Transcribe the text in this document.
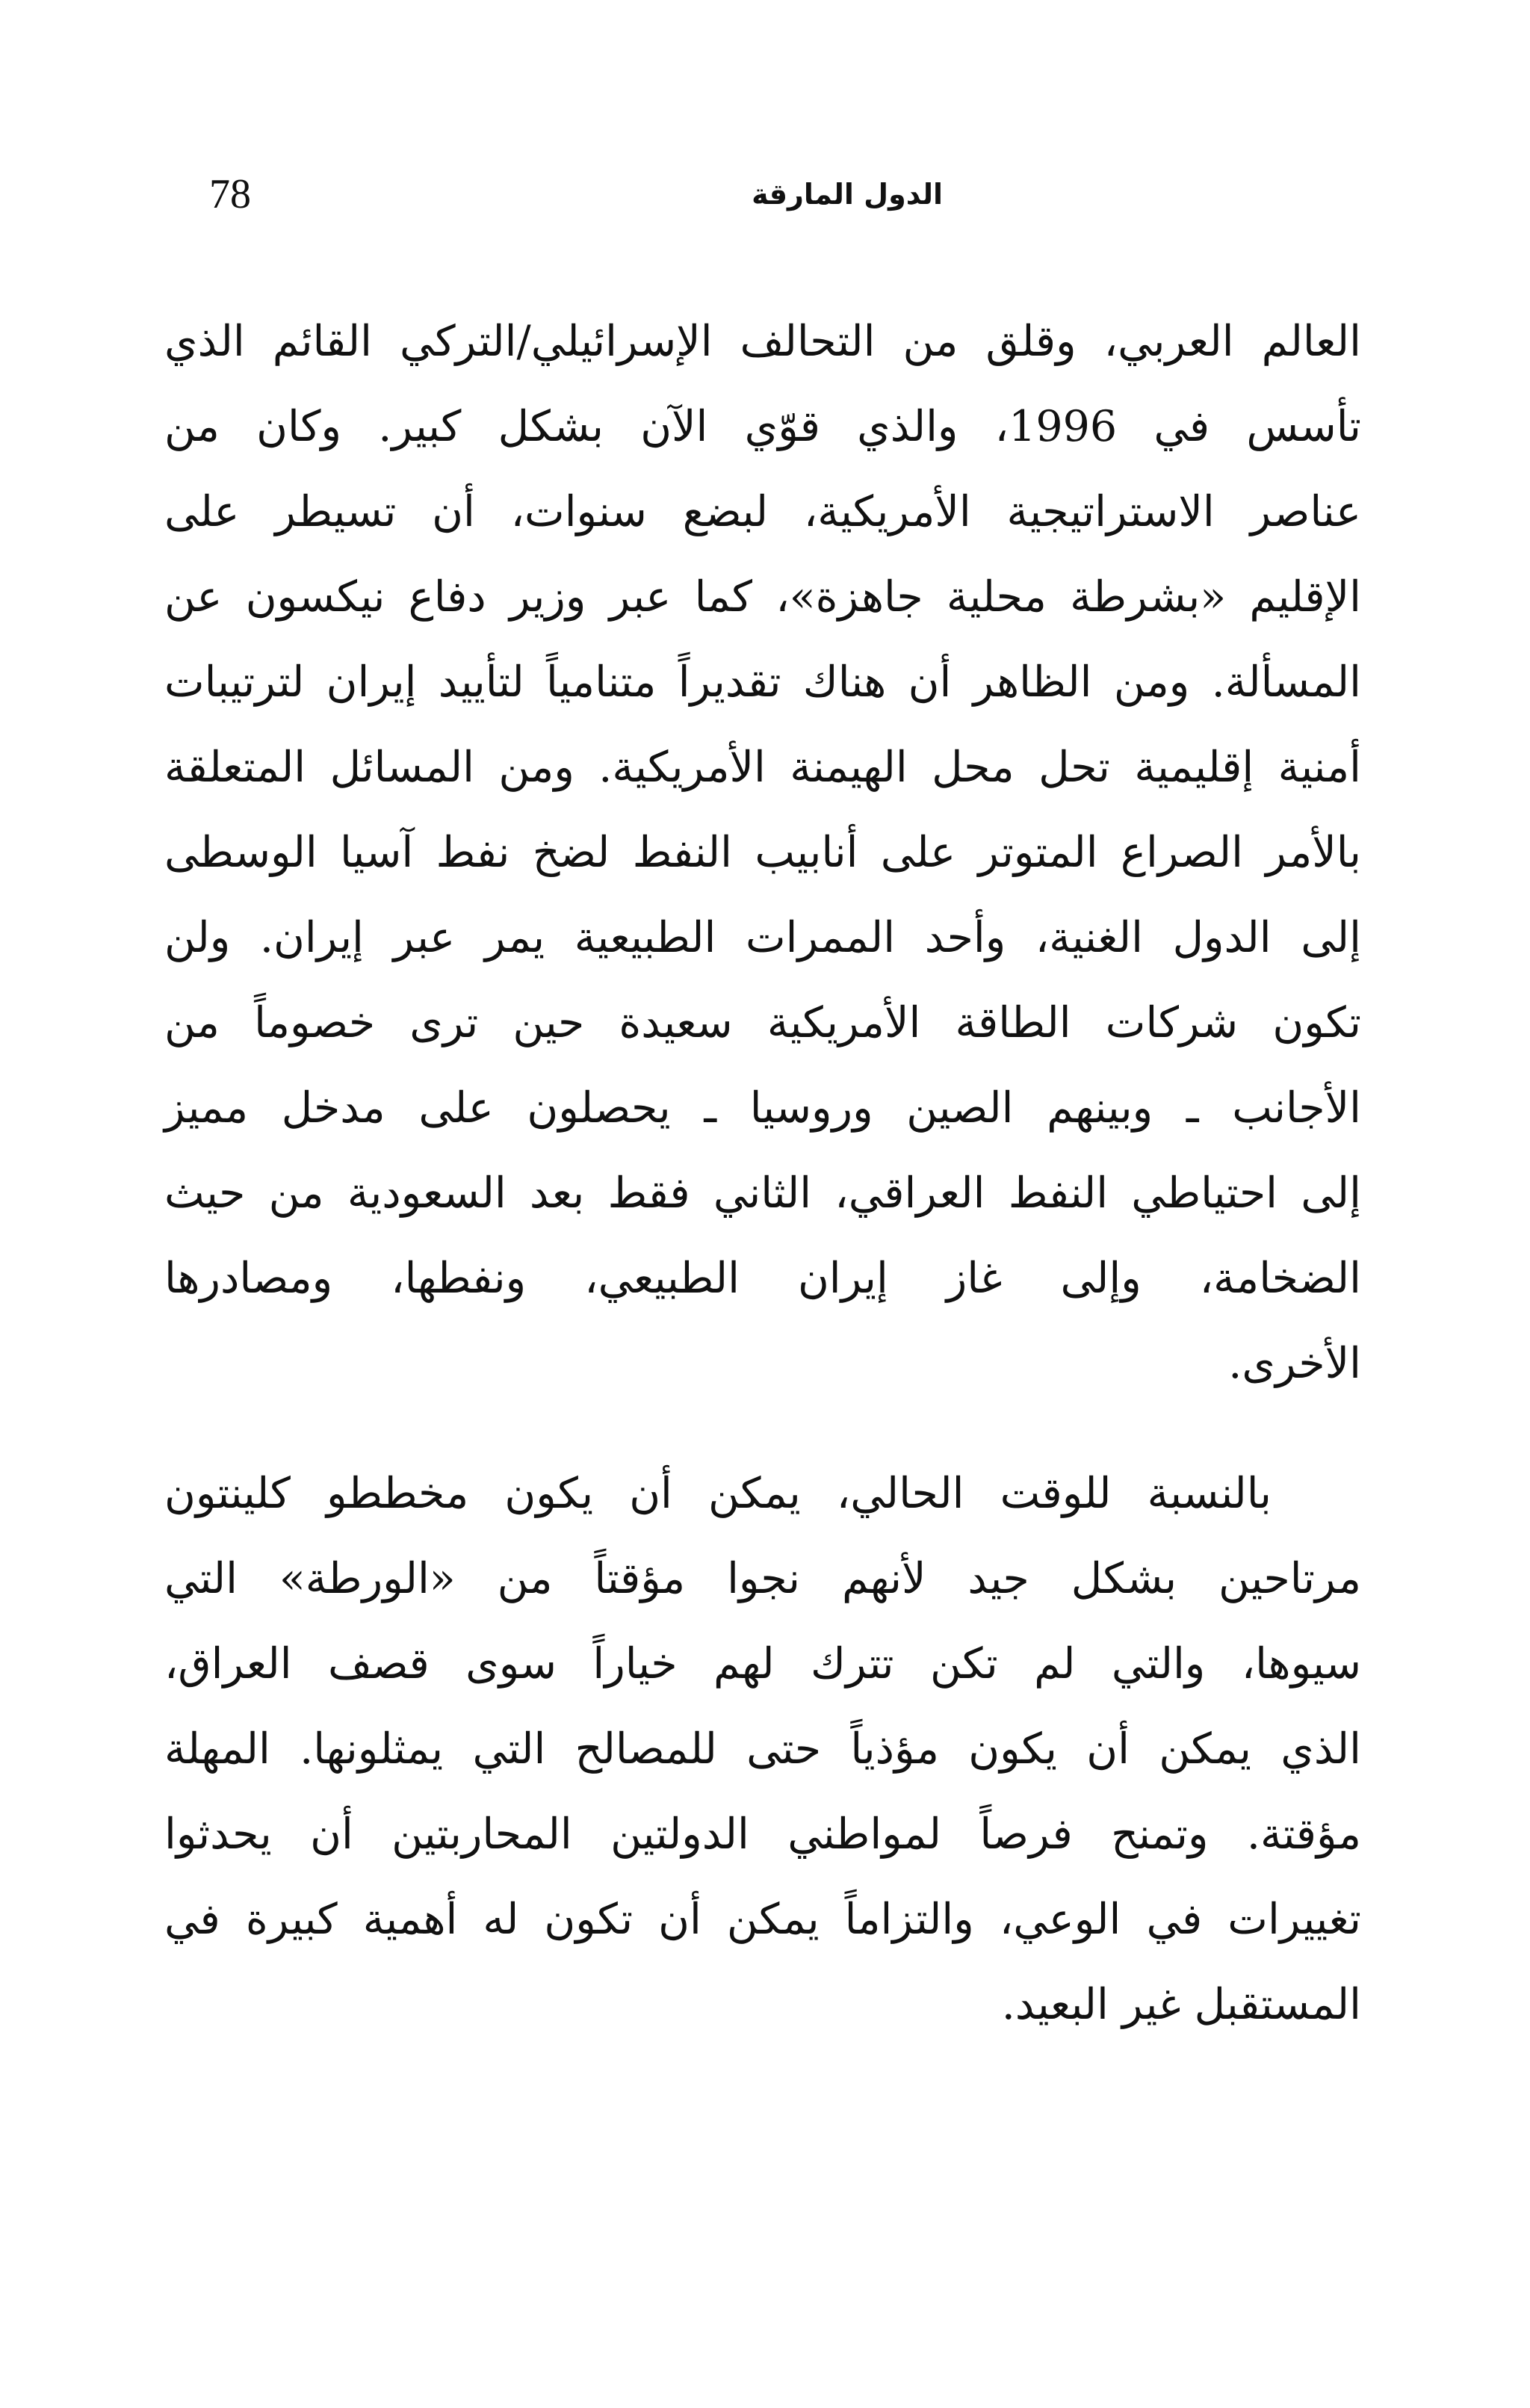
78	الدول المارقة
العالم العربي، وقلق من التحالف الإسرائيلي/التركي القائم الذي
تأسس في 1996، والذي قوّي الآن بشكل كبير. وكان من
عناصر الاستراتيجية الأمريكية، لبضع سنوات، أن تسيطر على
الإقليم «بشرطة محلية جاهزة»، كما عبر وزير دفاع نيكسون عن
المسألة. ومن الظاهر أن هناك تقديراً متنامياً لتأييد إيران لترتيبات
أمنية إقليمية تحل محل الهيمنة الأمريكية. ومن المسائل المتعلقة
بالأمر الصراع المتوتر على أنابيب النفط لضخ نفط آسيا الوسطى
إلى الدول الغنية، وأحد الممرات الطبيعية يمر عبر إيران. ولن
تكون شركات الطاقة الأمريكية سعيدة حين ترى خصوماً من
الأجانب ـ وبينهم الصين وروسيا ـ يحصلون على مدخل مميز
إلى احتياطي النفط العراقي، الثاني فقط بعد السعودية من حيث
الضخامة، وإلى غاز إيران الطبيعي، ونفطها، ومصادرها
الأخرى.
بالنسبة للوقت الحالي، يمكن أن يكون مخططو كلينتون
مرتاحين بشكل جيد لأنهم نجوا مؤقتاً من «الورطة» التي
سيوها، والتي لم تكن تترك لهم خياراً سوى قصف العراق،
الذي يمكن أن يكون مؤذياً حتى للمصالح التي يمثلونها. المهلة
مؤقتة. وتمنح فرصاً لمواطني الدولتين المحاربتين أن يحدثوا
تغييرات في الوعي، والتزاماً يمكن أن تكون له أهمية كبيرة في
المستقبل غير البعيد.
